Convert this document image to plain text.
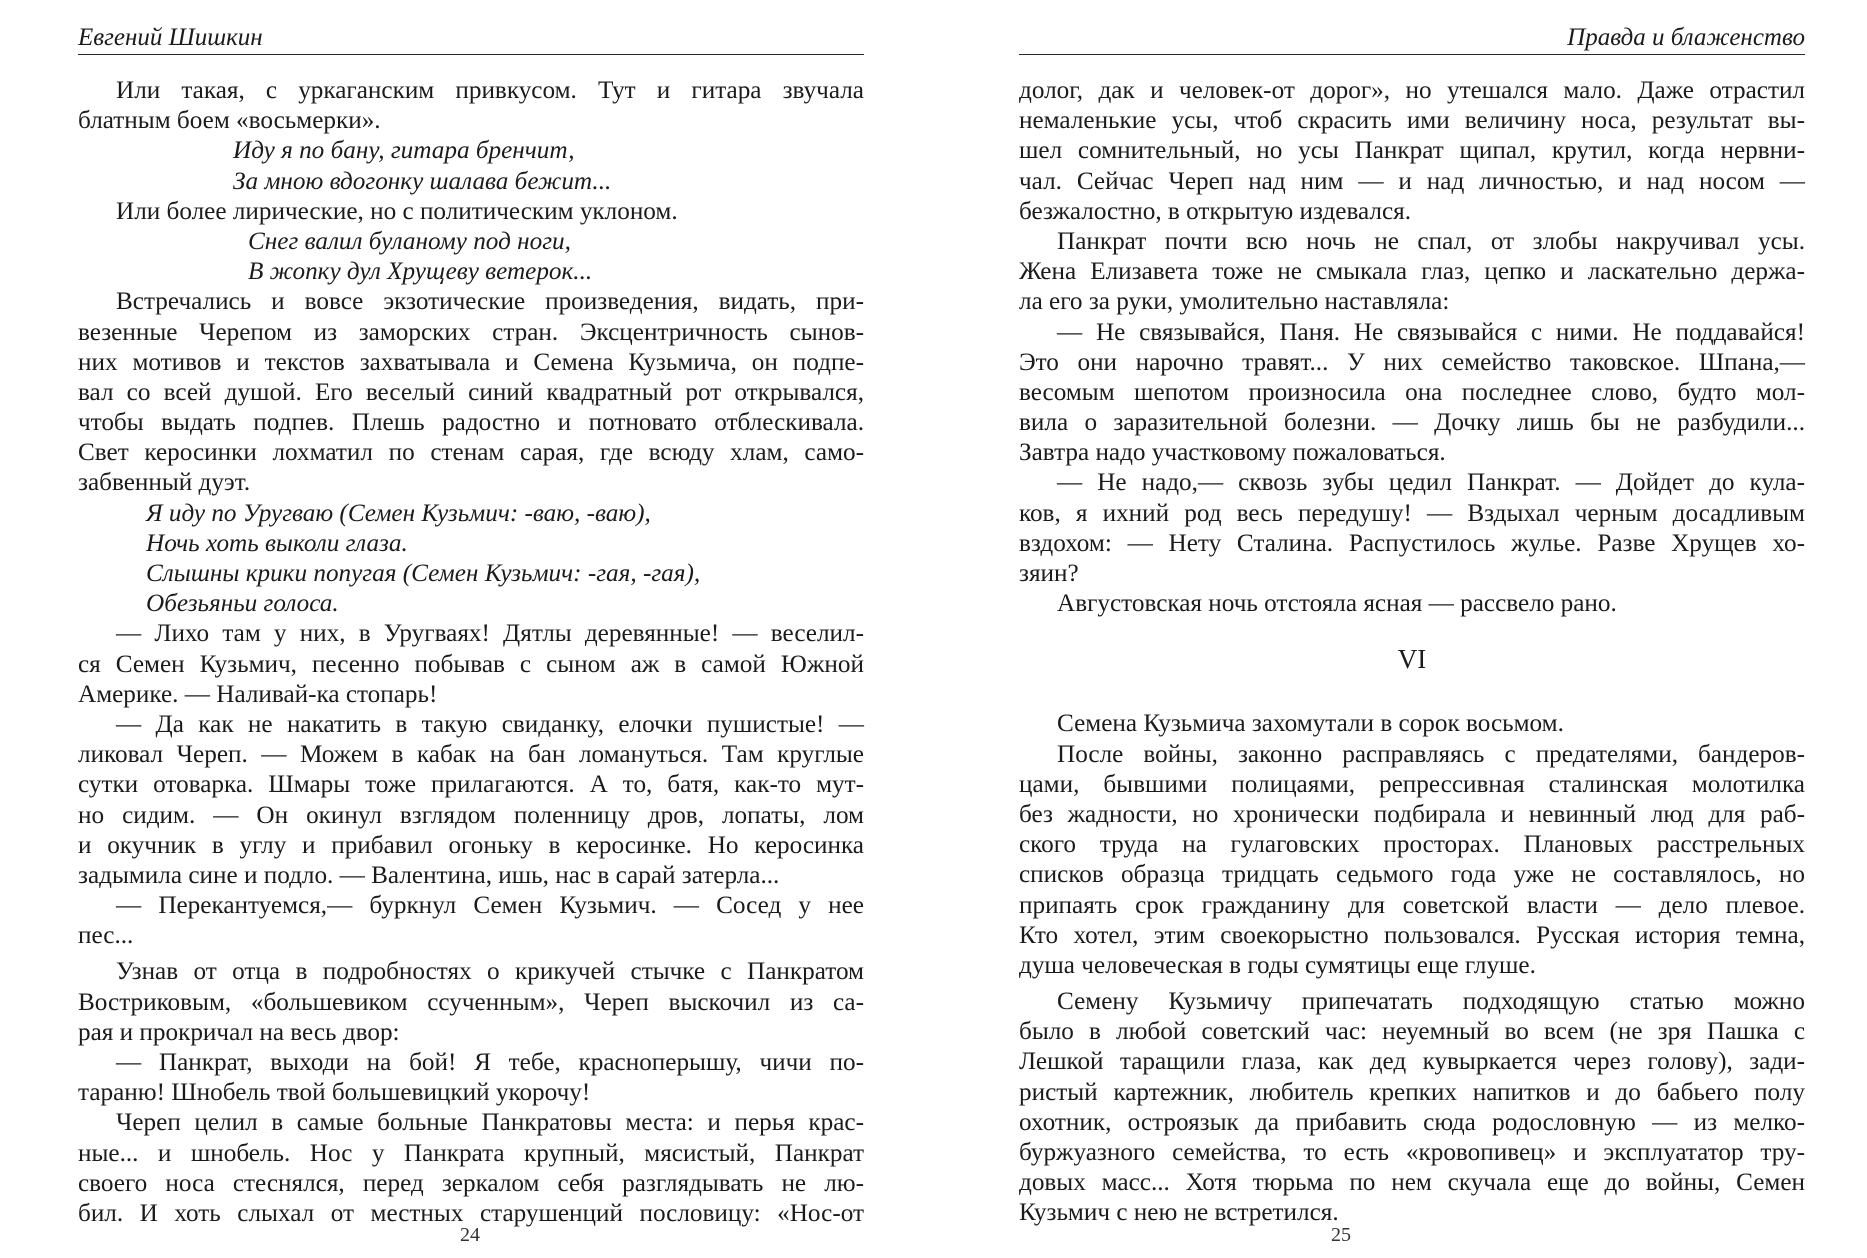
Евгений Шишкин
Или такая, с уркаганским привкусом. Тут и гитара звучала
блатным боем «восьмерки».
Иду я по бану, гитара бренчит,
За мною вдогонку шалава бежит...
Или более лирические, но с политическим уклоном.
Снег валил буланому под ноги,
В жопку дул Хрущеву ветерок...
Встречались и вовсе экзотические произведения, видать, при-
везенные Черепом из заморских стран. Эксцентричность сынов-
них мотивов и текстов захватывала и Семена Кузьмича, он подпе-
вал со всей душой. Его веселый синий квадратный рот открывался,
чтобы выдать подпев. Плешь радостно и потновато отблескивала.
Свет керосинки лохматил по стенам сарая, где всюду хлам, само-
забвенный дуэт.
Я иду по Уругваю (Семен Кузьмич: -ваю, -ваю),
Ночь хоть выколи глаза.
Слышны крики попугая (Семен Кузьмич: -гая, -гая),
Обезьяньи голоса.
— Лихо там у них, в Уругваях! Дятлы деревянные! — веселил-
ся Семен Кузьмич, песенно побывав с сыном аж в самой Южной
Америке. — Наливай-ка стопарь!
— Да как не накатить в такую свиданку, елочки пушистые! —
ликовал Череп. — Можем в кабак на бан ломануться. Там круглые
сутки отоварка. Шмары тоже прилагаются. А то, батя, как-то мут-
но сидим. — Он окинул взглядом поленницу дров, лопаты, лом
и окучник в углу и прибавил огоньку в керосинке. Но керосинка
задымила сине и подло. — Валентина, ишь, нас в сарай затерла...
— Перекантуемся,— буркнул Семен Кузьмич. — Сосед у нее
пес...
Узнав от отца в подробностях о крикучей стычке с Панкратом
Востриковым, «большевиком ссученным», Череп выскочил из са-
рая и прокричал на весь двор:
— Панкрат, выходи на бой! Я тебе, красноперышу, чичи по-
тараню! Шнобель твой большевицкий укорочу!
Череп целил в самые больные Панкратовы места: и перья крас-
ные... и шнобель. Нос у Панкрата крупный, мясистый, Панкрат
своего носа стеснялся, перед зеркалом себя разглядывать не лю-
бил. И хоть слыхал от местных старушенций пословицу: «Нос-от
24
Правда и блаженство
долог, дак и человек-от дорог», но утешался мало. Даже отрастил
немаленькие усы, чтоб скрасить ими величину носа, результат вы-
шел сомнительный, но усы Панкрат щипал, крутил, когда нервни-
чал. Сейчас Череп над ним — и над личностью, и над носом —
безжалостно, в открытую издевался.
Панкрат почти всю ночь не спал, от злобы накручивал усы.
Жена Елизавета тоже не смыкала глаз, цепко и ласкательно держа-
ла его за руки, умолительно наставляла:
— Не связывайся, Паня. Не связывайся с ними. Не поддавайся!
Это они нарочно травят... У них семейство таковское. Шпана,—
весомым шепотом произносила она последнее слово, будто мол-
вила о заразительной болезни. — Дочку лишь бы не разбудили...
Завтра надо участковому пожаловаться.
— Не надо,— сквозь зубы цедил Панкрат. — Дойдет до кула-
ков, я ихний род весь передушу! — Вздыхал черным досадливым
вздохом: — Нету Сталина. Распустилось жулье. Разве Хрущев хо-
зяин?
Августовская ночь отстояла ясная — рассвело рано.
VI
Семена Кузьмича захомутали в сорок восьмом.
После войны, законно расправляясь с предателями, бандеров-
цами, бывшими полицаями, репрессивная сталинская молотилка
без жадности, но хронически подбирала и невинный люд для раб-
ского труда на гулаговских просторах. Плановых расстрельных
списков образца тридцать седьмого года уже не составлялось, но
припаять срок гражданину для советской власти — дело плевое.
Кто хотел, этим своекорыстно пользовался. Русская история темна,
душа человеческая в годы сумятицы еще глуше.
Семену Кузьмичу припечатать подходящую статью можно
было в любой советский час: неуемный во всем (не зря Пашка с
Лешкой таращили глаза, как дед кувыркается через голову), зади-
ристый картежник, любитель крепких напитков и до бабьего полу
охотник, остроязык да прибавить сюда родословную — из мелко-
буржуазного семейства, то есть «кровопивец» и эксплуататор тру-
довых масс... Хотя тюрьма по нем скучала еще до войны, Семен
Кузьмич с нею не встретился.
25
